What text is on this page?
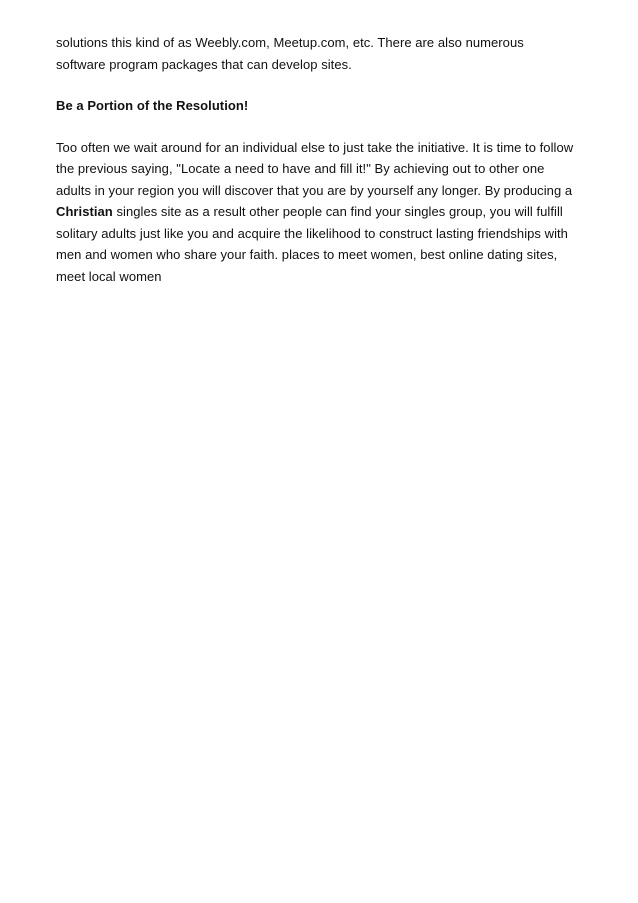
solutions this kind of as Weebly.com, Meetup.com, etc. There are also numerous software program packages that can develop sites.

Be a Portion of the Resolution!

Too often we wait around for an individual else to just take the initiative. It is time to follow the previous saying, "Locate a need to have and fill it!" By achieving out to other one adults in your region you will discover that you are by yourself any longer. By producing a Christian singles site as a result other people can find your singles group, you will fulfill solitary adults just like you and acquire the likelihood to construct lasting friendships with men and women who share your faith. places to meet women, best online dating sites, meet local women
